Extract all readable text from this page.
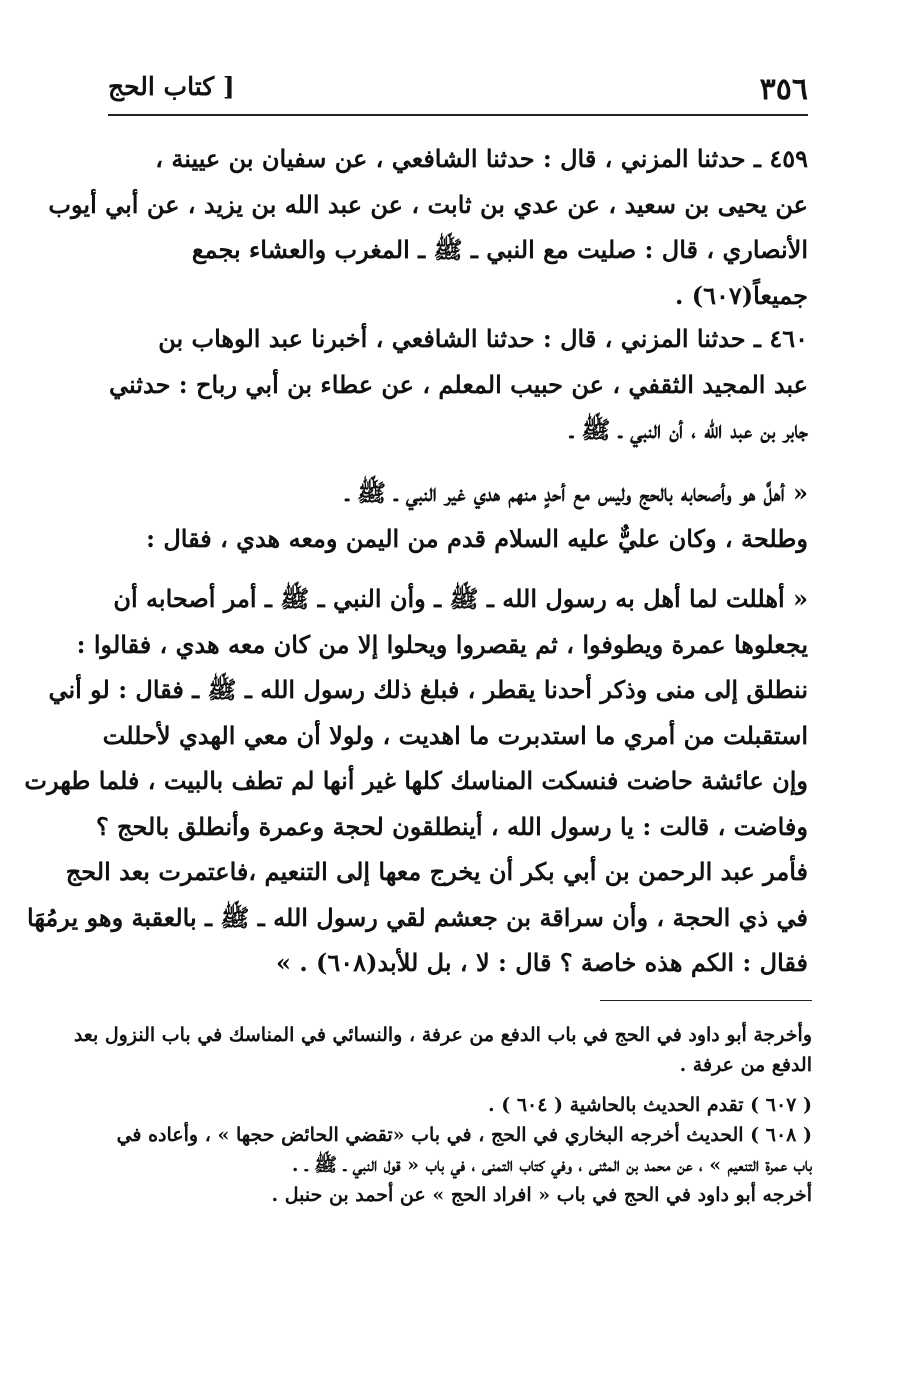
٣٥٦
[ كتاب الحج
٤٥٩ ـ حدثنا المزني ، قال : حدثنا الشافعي ، عن سفيان بن عيينة ،
عن يحيى بن سعيد ، عن عدي بن ثابت ، عن عبد الله بن يزيد ، عن أبي أيوب
الأنصاري ، قال : صليت مع النبي ـ ﷺ ـ المغرب والعشاء بجمع
جميعاً(٦٠٧) .
٤٦٠ ـ حدثنا المزني ، قال : حدثنا الشافعي ، أخبرنا عبد الوهاب بن
عبد المجيد الثقفي ، عن حبيب المعلم ، عن عطاء بن أبي رباح : حدثني
جابر بن عبد الله ، أن النبي ـ ﷺ ـ
« أهلَّ هو وأصحابه بالحج وليس مع أحدٍ منهم هدي غير النبي ـ ﷺ ـ
وطلحة ، وكان عليٌّ عليه السلام قدم من اليمن ومعه هدي ، فقال :
« أهللت لما أهل به رسول الله ـ ﷺ ـ وأن النبي ـ ﷺ ـ أمر أصحابه أن
يجعلوها عمرة ويطوفوا ، ثم يقصروا ويحلوا إلا من كان معه هدي ، فقالوا :
ننطلق إلى منى وذكر أحدنا يقطر ، فبلغ ذلك رسول الله ـ ﷺ ـ فقال : لو أني
استقبلت من أمري ما استدبرت ما اهديت ، ولولا أن معي الهدي لأحللت
وإن عائشة حاضت فنسكت المناسك كلها غير أنها لم تطف بالبيت ، فلما طهرت
وفاضت ، قالت : يا رسول الله ، أينطلقون لحجة وعمرة وأنطلق بالحج ؟
فأمر عبد الرحمن بن أبي بكر أن يخرج معها إلى التنعيم ،فاعتمرت بعد الحج
في ذي الحجة ، وأن سراقة بن جعشم لقي رسول الله ـ ﷺ ـ بالعقبة وهو يرمُهَا
فقال : الكم هذه خاصة ؟ قال : لا ، بل للأبد(٦٠٨) . »
وأخرجة أبو داود في الحج في باب الدفع من عرفة ، والنسائي في المناسك في باب النزول بعد
الدفع من عرفة .
( ٦٠٧ ) تقدم الحديث بالحاشية ( ٦٠٤ ) .
( ٦٠٨ ) الحديث أخرجه البخاري في الحج ، في باب «تقضي الحائض حجها » ، وأعاده في
باب عمرة التنعيم » ، عن محمد بن المثنى ، وفي كتاب التمنى ، في باب « قول النبي ـ ﷺ ـ .
أخرجه أبو داود في الحج في باب « افراد الحج » عن أحمد بن حنبل .
